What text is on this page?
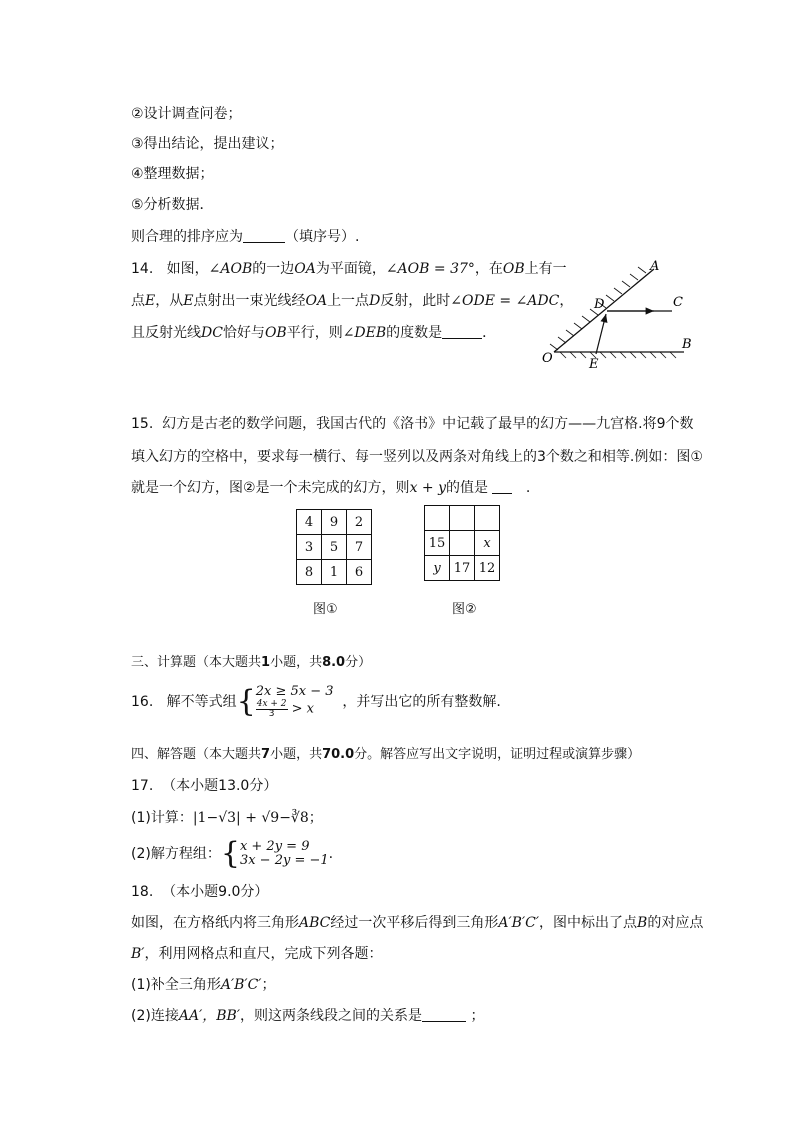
②设计调查问卷；
③得出结论，提出建议；
④整理数据；
⑤分析数据．
则合理的排序应为	（填序号）.
14. 如图，∠AOB的一边OA为平面镜，∠AOB = 37°，在OB上有一
点E，从E点射出一束光线经OA上一点D反射，此时∠ODE = ∠ADC，
且反射光线DC恰好与OB平行，则∠DEB的度数是	．
A
B
C
D
E
O
15. 幻方是古老的数学问题，我国古代的《洛书》中记载了最早的幻方——九宫格.将9个数
填入幻方的空格中，要求每一横行、每一竖列以及两条对角线上的3个数之和相等.例如：图①
就是一个幻方，图②是一个未完成的幻方，则x + y的值是	.
4	9	2
3	5	7
8	1	6

15		x
y	17	12
图①	图②
三、计算题（本大题共1小题，共8.0分）
16. 解不等式组{2x ≥ 5x − 3
$\frac{4x + 2}{3} > x$ ，并写出它的所有整数解.
四、解答题（本大题共7小题，共70.0分。解答应写出文字说明，证明过程或演算步骤）
17. （本小题13.0分）
(1)计算：|1−√3| + √9−∛8；
(2)解方程组：{x + 2y = 9
3x − 2y = −1.
18. （本小题9.0分）
如图，在方格纸内将三角形ABC经过一次平移后得到三角形A′B′C′，图中标出了点B的对应点
B′，利用网格点和直尺，完成下列各题：
(1)补全三角形A′B′C′；
(2)连接AA′，BB′，则这两条线段之间的关系是	；
